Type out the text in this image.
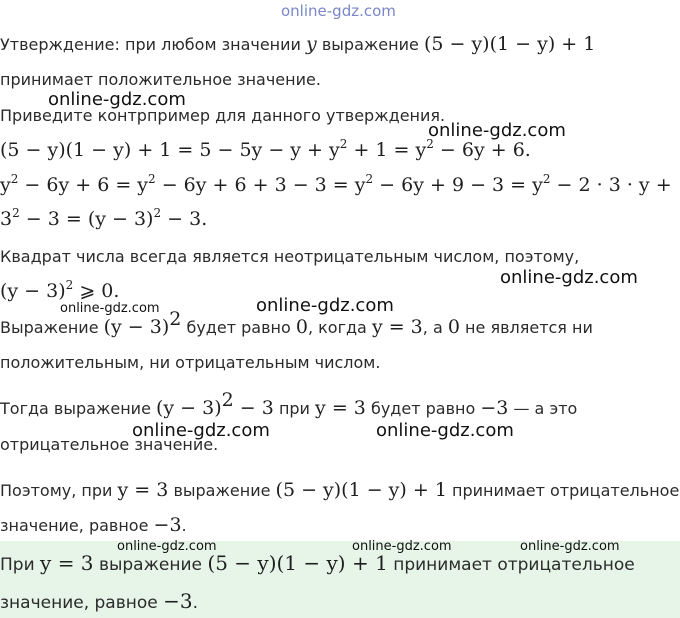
online-gdz.com
Утверждение: при любом значении y выражение (5 − y)(1 − y) + 1
принимает положительное значение.
online-gdz.com
Приведите контрпример для данного утверждения.
online-gdz.com
$(5 - y)(1 - y) + 1 = 5 - 5y - y + y^2 + 1 = y^2 - 6y + 6$.
$y^2 - 6y + 6 = y^2 - 6y + 6 + 3 - 3 = y^2 - 6y + 9 - 3 = y^2 - 2 \cdot 3 \cdot y$ +
$3^2 - 3 = (y - 3)^2 - 3$.
Квадрат числа всегда является неотрицательным числом, поэтому,
online-gdz.com
$(y - 3)^2$ ⩾ 0.
online-gdz.com
online-gdz.com
Выражение $(y - 3)^2$ будет равно 0, когда y = 3, а 0 не является ни
положительным, ни отрицательным числом.
Тогда выражение $(y - 3)^2 - 3$ при y = 3 будет равно −3 — а это
online-gdz.com	online-gdz.com
отрицательное значение.
Поэтому, при y = 3 выражение (5 − y)(1 − y) + 1 принимает отрицательное
значение, равное −3.
online-gdz.com	online-gdz.com	online-gdz.com
При y = 3 выражение (5 − y)(1 − y) + 1 принимает отрицательное
значение, равное −3.
